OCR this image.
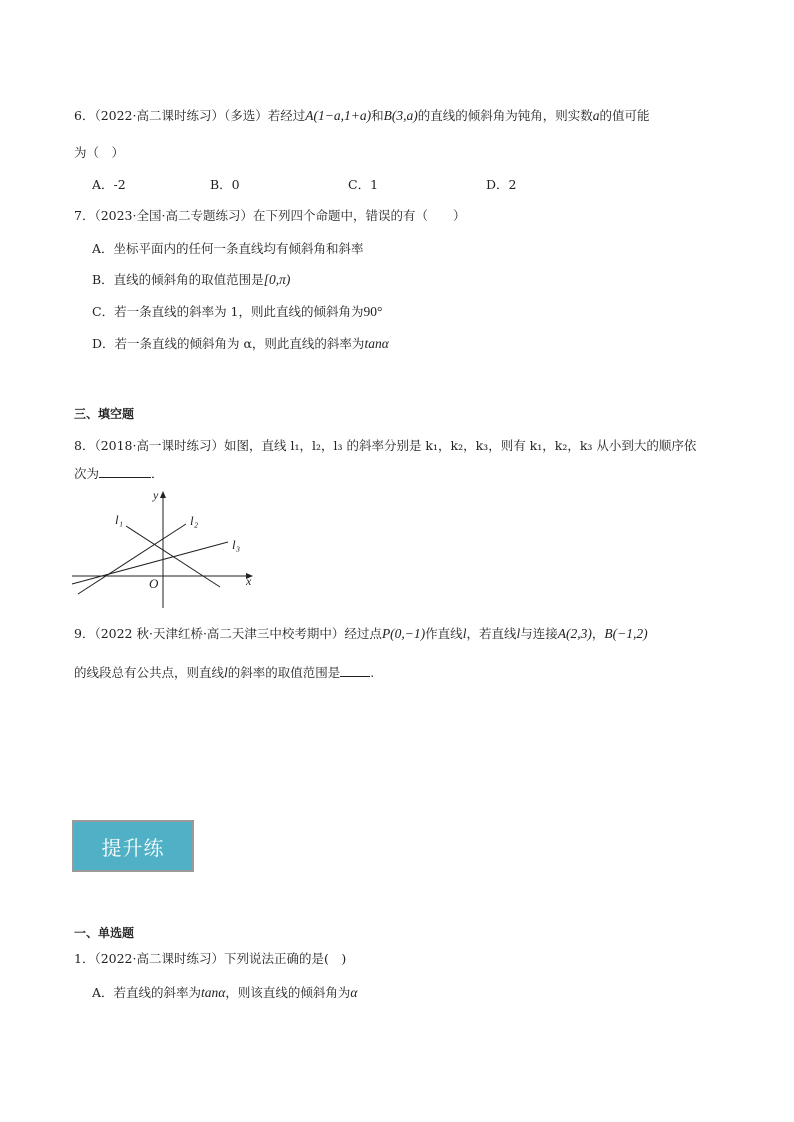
6．（2022·高二课时练习）（多选）若经过A(1−a,1+a)和B(3,a)的直线的倾斜角为钝角，则实数a的值可能
为（　）
A．-2	B．0	C．1	D．2
7．（2023·全国·高二专题练习）在下列四个命题中，错误的有（　　）
A．坐标平面内的任何一条直线均有倾斜角和斜率
B．直线的倾斜角的取值范围是[0,π)
C．若一条直线的斜率为 1，则此直线的倾斜角为90°
D．若一条直线的倾斜角为 α，则此直线的斜率为tanα
三、填空题
8．（2018·高一课时练习）如图，直线 l₁，l₂，l₃ 的斜率分别是 k₁，k₂，k₃，则有 k₁，k₂，k₃ 从小到大的顺序依
次为	．
y
x
O
l₁	l₂
l₃
9．（2022 秋·天津红桥·高二天津三中校考期中）经过点P(0,−1)作直线l，若直线l与连接A(2,3)，B(−1,2)
的线段总有公共点，则直线l的斜率的取值范围是 .
提升练
一、单选题
1．（2022·高二课时练习）下列说法正确的是(　)
A．若直线的斜率为tanα，则该直线的倾斜角为α
